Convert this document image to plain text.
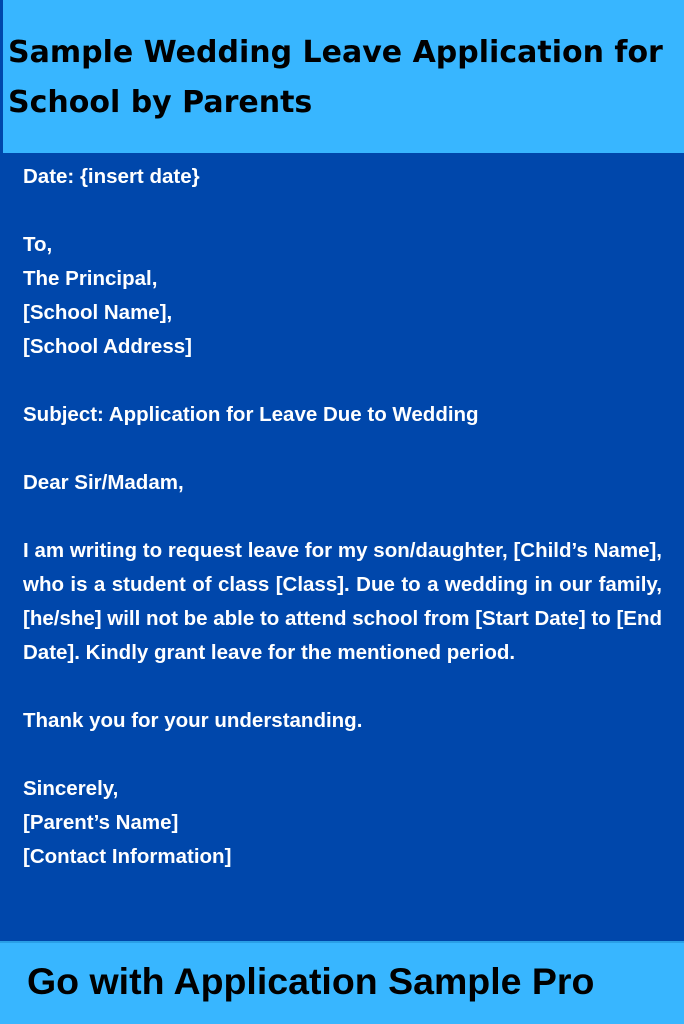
Sample Wedding Leave Application for School by Parents

Date: {insert date}

To,

The Principal,

[School Name],

[School Address]

Subject: Application for Leave Due to Wedding

Dear Sir/Madam,

I am writing to request leave for my son/daughter, [Child’s Name], who is a student of class [Class]. Due to a wedding in our family, [he/she] will not be able to attend school from [Start Date] to [End Date]. Kindly grant leave for the mentioned period.

Thank you for your understanding.

Sincerely,

[Parent’s Name]

[Contact Information]

Go with Application Sample Pro
